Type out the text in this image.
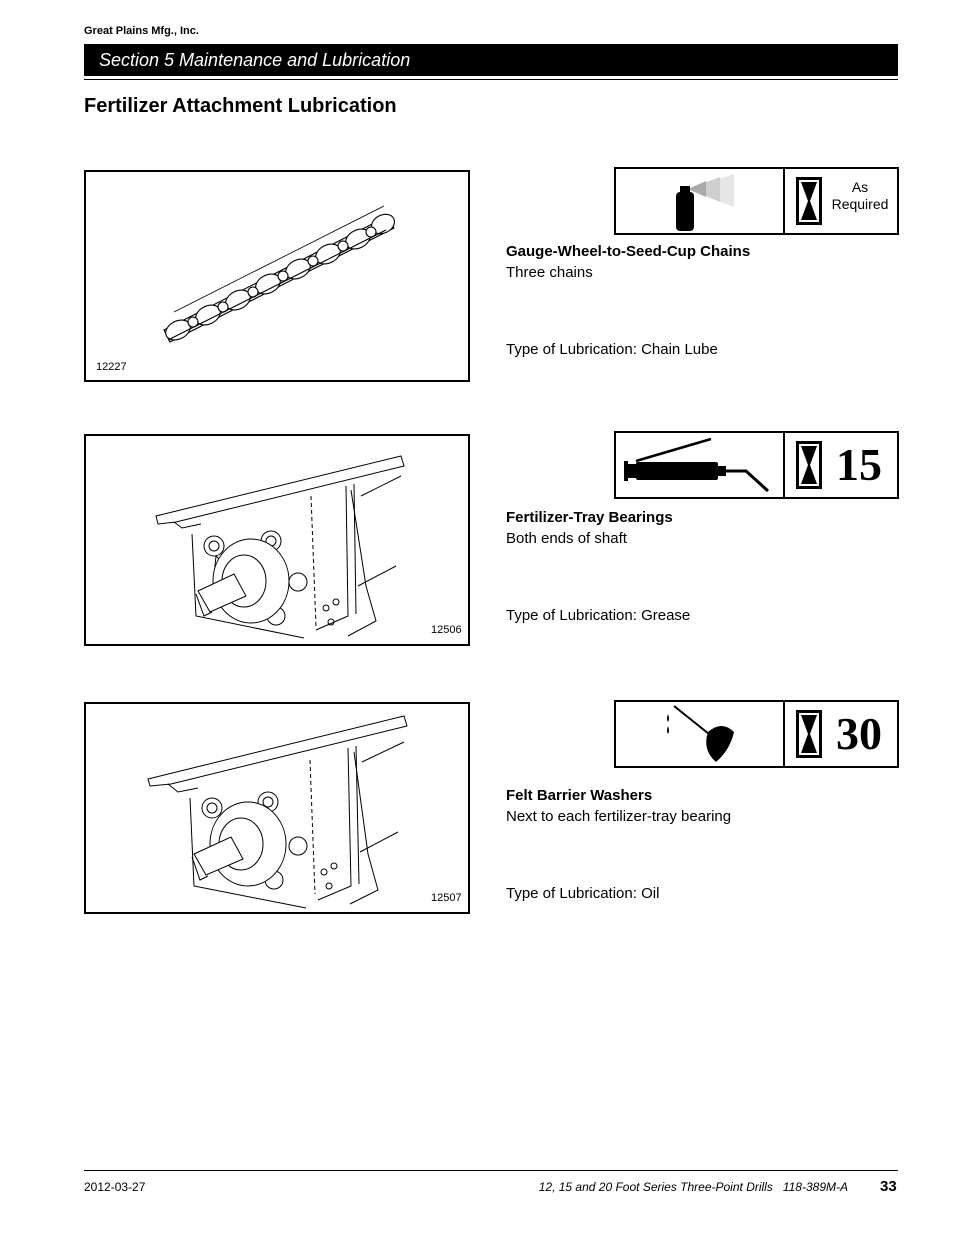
Great Plains Mfg., Inc.
Section 5 Maintenance and Lubrication
Fertilizer Attachment Lubrication
12227
As Required
Gauge-Wheel-to-Seed-Cup Chains
Three chains
Type of Lubrication: Chain Lube
12506
15
Fertilizer-Tray Bearings
Both ends of shaft
Type of Lubrication: Grease
12507
30
Felt Barrier Washers
Next to each fertilizer-tray bearing
Type of Lubrication: Oil
2012-03-27	12, 15 and 20 Foot Series Three-Point Drills   118-389M-A 33
